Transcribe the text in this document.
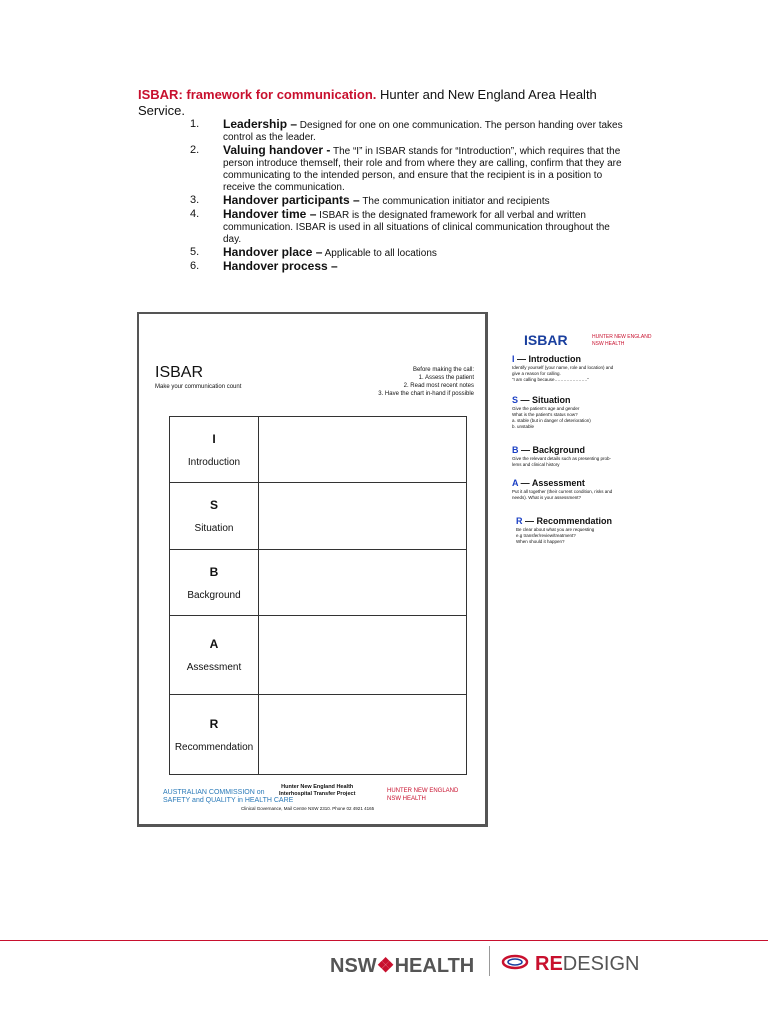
ISBAR: framework for communication. Hunter and New England Area Health Service.
1. Leadership – Designed for one on one communication. The person handing over takes control as the leader.
2. Valuing handover - The “I” in ISBAR stands for “Introduction”, which requires that the person introduce themself, their role and from where they are calling, confirm that they are communicating to the intended person, and ensure that the recipient is in a position to receive the communication.
3. Handover participants – The communication initiator and recipients
4. Handover time – ISBAR is the designated framework for all verbal and written communication. ISBAR is used in all situations of clinical communication throughout the day.
5. Handover place – Applicable to all locations
6. Handover process –
ISBAR
Make your communication count
Before making the call:
1. Assess the patient
2. Read most recent notes
3. Have the chart in-hand if possible
I
Introduction	

S
Situation	

B
Background	

A
Assessment	

R
Recommendation	

AUSTRALIAN COMMISSION on
SAFETY and QUALITY in HEALTH CARE
Hunter New England Health
Interhospital Transfer Project	HUNTER NEW ENGLAND
NSW HEALTH
Clinical Governance, Mail Centre NSW 2310. Phone 02 4921 4165
ISBAR	HUNTER NEW ENGLAND
NSW HEALTH
I — Introduction
Identify yourself (your name, role and location) and
give a reason for calling.
“I am calling because………………….”
S — Situation
Give the patient's age and gender
What is the patient's status now?
a. stable (but in danger of deterioration)
b. unstable
B — Background
Give the relevant details such as presenting prob-
lems and clinical history
A — Assessment
Put it all together (their current condition, risks and
needs). What is your assessment?
R — Recommendation
Be clear about what you are requesting
e.g transfer/review/treatment?
When should it happen?
NSW❖HEALTH	REDESIGN
